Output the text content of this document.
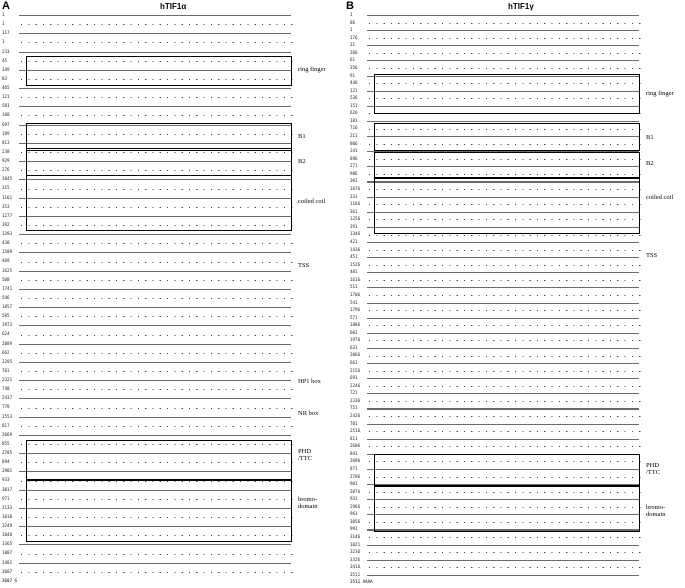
A	hTIF1α
1
1
117
1
233
45
349
83
465
121
581
160
697
199
813
238
929
276
1045
315
1161
353
1277
392
1393
430
1509
469
1625
508
1741
546
1857
585
1973
624
2089
662
2205
701
2321
740
2437
778
2553
817
2669
855
2785
894
2901
933
3017
971
3133
1010
3249
1048
3365
1087
3481
3607
3607 G
ring finger
B1
B2
coiled coil
TSS
HP1 box
NR box
PHD /TTC
bromo- domain
B	hTIF1γ
1
86
1
176
31
266
61
356
91
446
121
536
151
626
181
716
211
806
241
896
271
986
301
1076
331
1166
361
1256
391
1346
421
1436
451
1526
481
1616
511
1706
541
1796
571
1886
601
1976
631
2066
661
2156
691
2246
721
2336
751
2426
781
2516
811
2606
841
2696
871
2786
901
2876
931
2966
961
3056
991
3146
1021
3236
3326
3416
3511
3511 AAAA
ring finger
B1
B2
coiled coil
TSS
PHD /TTC
bromo- domain
